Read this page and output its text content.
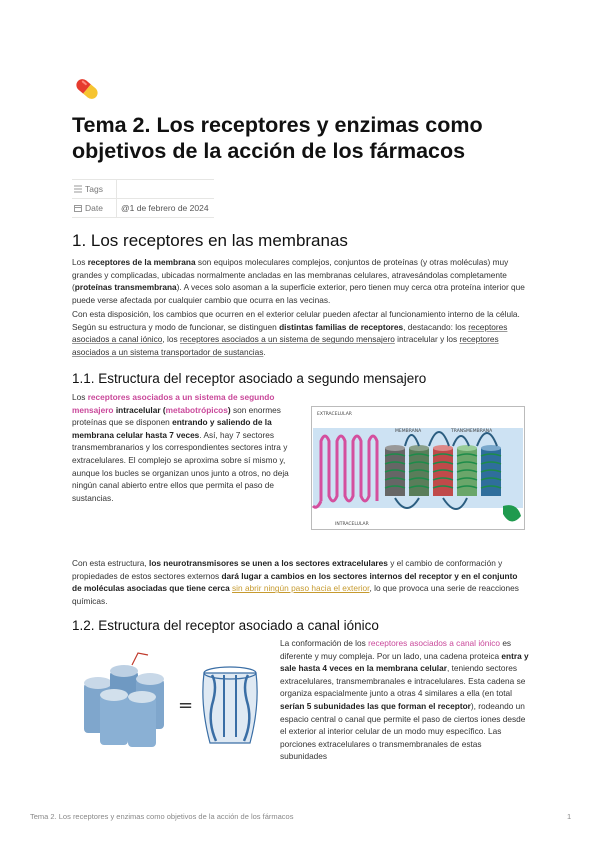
Tema 2. Los receptores y enzimas como objetivos de la acción de los fármacos
Tags
Date	@1 de febrero de 2024
1. Los receptores en las membranas

Los receptores de la membrana son equipos moleculares complejos, conjuntos de proteínas (y otras moléculas) muy grandes y complicadas, ubicadas normalmente ancladas en las membranas celulares, atravesándolas completamente (proteínas transmembrana). A veces solo asoman a la superficie exterior, pero tienen muy cerca otra proteína interior que puede verse afectada por cualquier cambio que ocurra en las vecinas.

Con esta disposición, los cambios que ocurren en el exterior celular pueden afectar al funcionamiento interno de la célula. Según su estructura y modo de funcionar, se distinguen distintas familias de receptores, destacando: los receptores asociados a canal iónico, los receptores asociados a un sistema de segundo mensajero intracelular y los receptores asociados a un sistema transportador de sustancias.

1.1. Estructura del receptor asociado a segundo mensajero

Los receptores asociados a un sistema de segundo mensajero intracelular (metabotrópicos) son enormes proteínas que se disponen entrando y saliendo de la membrana celular hasta 7 veces. Así, hay 7 sectores transmembranarios y los correspondientes sectores intra y extracelulares. El complejo se aproxima sobre sí mismo y, aunque los bucles se organizan unos junto a otros, no deja ningún canal abierto entre ellos que permita el paso de sustancias.

EXTRACELULAR
MEMBRANA	TRANSMEMBRANA
INTRACELULAR

Con esta estructura, los neurotransmisores se unen a los sectores extracelulares y el cambio de conformación y propiedades de estos sectores externos dará lugar a cambios en los sectores internos del receptor y en el conjunto de moléculas asociadas que tiene cerca sin abrir ningún paso hacia el exterior, lo que provoca una serie de reacciones químicas.

1.2. Estructura del receptor asociado a canal iónico
=

La conformación de los receptores asociados a canal iónico es diferente y muy compleja. Por un lado, una cadena proteica entra y sale hasta 4 veces en la membrana celular, teniendo sectores extracelulares, transmembranales e intracelulares. Esta cadena se organiza espacialmente junto a otras 4 similares a ella (en total serían 5 subunidades las que forman el receptor), rodeando un espacio central o canal que permite el paso de ciertos iones desde el exterior al interior celular de un modo muy específico. Las porciones extracelulares o transmembranales de estas subunidades

Tema 2. Los receptores y enzimas como objetivos de la acción de los fármacos	1
